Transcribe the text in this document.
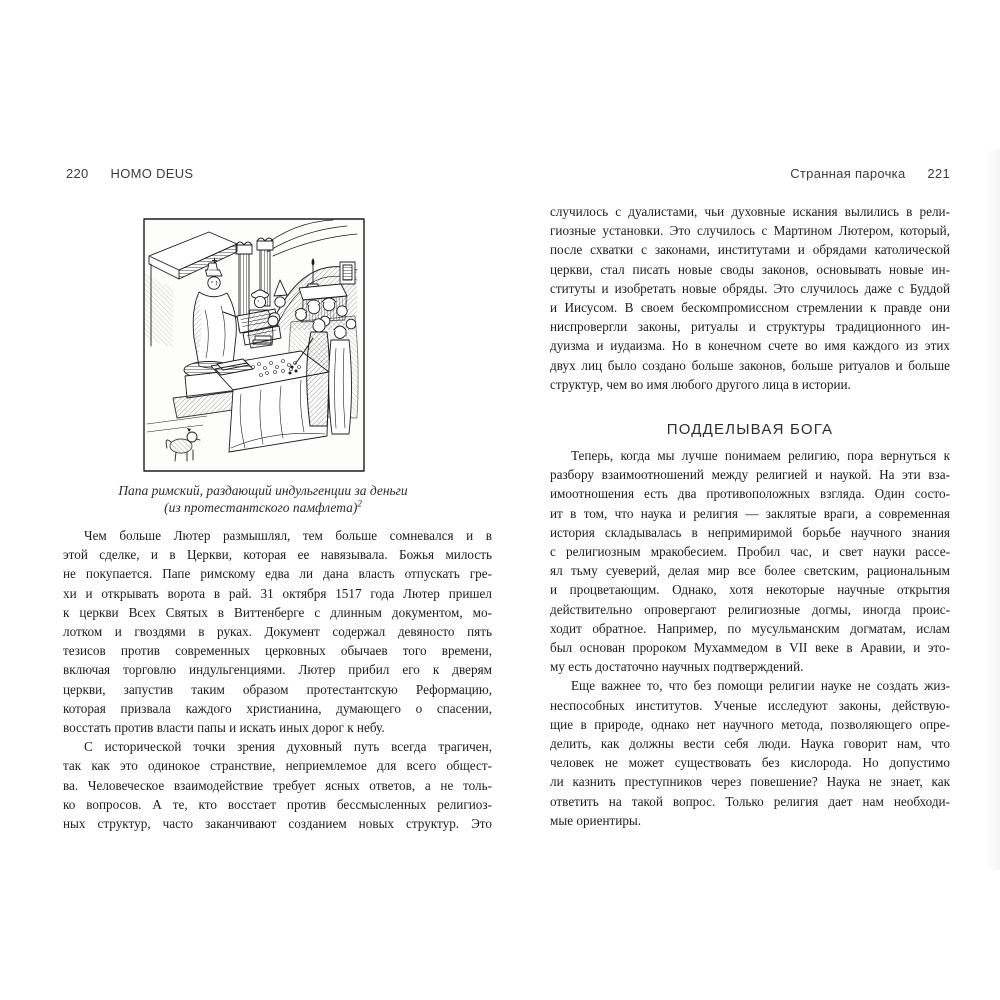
220 HOMO DEUS	Странная парочка 221
Папа римский, раздающий индульгенции за деньги
(из протестантского памфлета)$^2$
Чем больше Лютер размышлял, тем больше сомневался и в
этой сделке, и в Церкви, которая ее навязывала. Божья милость
не покупается. Папе римскому едва ли дана власть отпускать гре-
хи и открывать ворота в рай. 31 октября 1517 года Лютер пришел
к церкви Всех Святых в Виттенберге с длинным документом, мо-
лотком и гвоздями в руках. Документ содержал девяносто пять
тезисов против современных церковных обычаев того времени,
включая торговлю индульгенциями. Лютер прибил его к дверям
церкви, запустив таким образом протестантскую Реформацию,
которая призвала каждого христианина, думающего о спасении,
восстать против власти папы и искать иных дорог к небу.
С исторической точки зрения духовный путь всегда трагичен,
так как это одинокое странствие, неприемлемое для всего общест-
ва. Человеческое взаимодействие требует ясных ответов, а не толь-
ко вопросов. А те, кто восстает против бессмысленных религиоз-
ных структур, часто заканчивают созданием новых структур. Это
случилось с дуалистами, чьи духовные искания вылились в рели-
гиозные установки. Это случилось с Мартином Лютером, который,
после схватки с законами, институтами и обрядами католической
церкви, стал писать новые своды законов, основывать новые ин-
ституты и изобретать новые обряды. Это случилось даже с Буддой
и Иисусом. В своем бескомпромиссном стремлении к правде они
ниспровергли законы, ритуалы и структуры традиционного ин-
дуизма и иудаизма. Но в конечном счете во имя каждого из этих
двух лиц было создано больше законов, больше ритуалов и больше
структур, чем во имя любого другого лица в истории.
ПОДДЕЛЫВАЯ БОГА
Теперь, когда мы лучше понимаем религию, пора вернуться к
разбору взаимоотношений между религией и наукой. На эти вза-
имоотношения есть два противоположных взгляда. Один состо-
ит в том, что наука и религия — заклятые враги, а современная
история складывалась в непримиримой борьбе научного знания
с религиозным мракобесием. Пробил час, и свет науки рассе-
ял тьму суеверий, делая мир все более светским, рациональным
и процветающим. Однако, хотя некоторые научные открытия
действительно опровергают религиозные догмы, иногда проис-
ходит обратное. Например, по мусульманским догматам, ислам
был основан пророком Мухаммедом в VII веке в Аравии, и это-
му есть достаточно научных подтверждений.
Еще важнее то, что без помощи религии науке не создать жиз-
неспособных институтов. Ученые исследуют законы, действую-
щие в природе, однако нет научного метода, позволяющего опре-
делить, как должны вести себя люди. Наука говорит нам, что
человек не может существовать без кислорода. Но допустимо
ли казнить преступников через повешение? Наука не знает, как
ответить на такой вопрос. Только религия дает нам необходи-
мые ориентиры.
